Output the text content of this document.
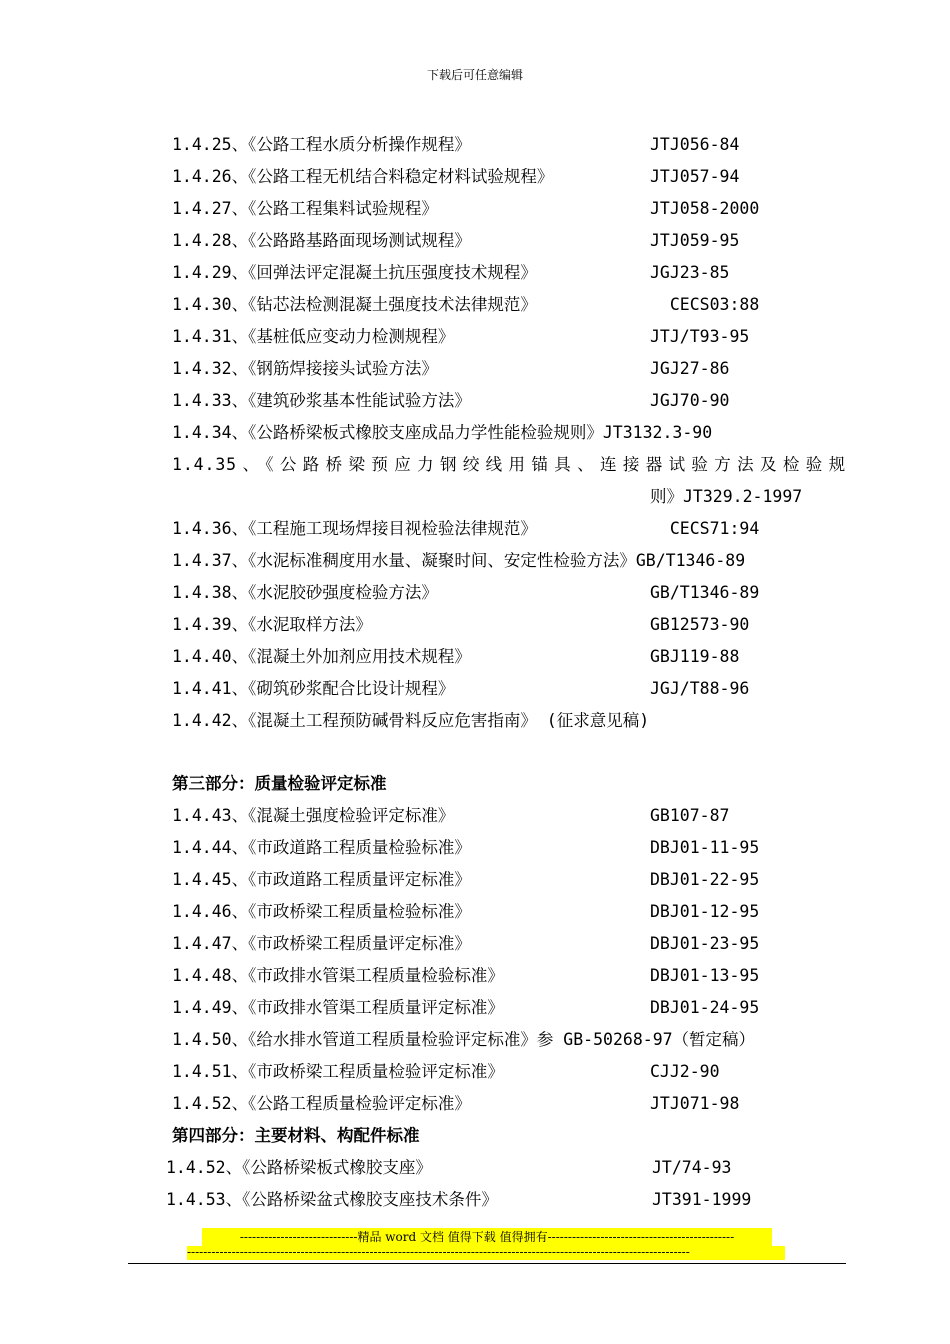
下载后可任意编辑
1.4.25、《公路工程水质分析操作规程》	JTJ056-84
1.4.26、《公路工程无机结合料稳定材料试验规程》	JTJ057-94
1.4.27、《公路工程集料试验规程》	JTJ058-2000
1.4.28、《公路路基路面现场测试规程》	JTJ059-95
1.4.29、《回弹法评定混凝土抗压强度技术规程》	JGJ23-85
1.4.30、《钻芯法检测混凝土强度技术法律规范》	CECS03:88
1.4.31、《基桩低应变动力检测规程》	JTJ/T93-95
1.4.32、《钢筋焊接接头试验方法》	JGJ27-86
1.4.33、《建筑砂浆基本性能试验方法》	JGJ70-90
1.4.34、《公路桥梁板式橡胶支座成品力学性能检验规则》JT3132.3-90
1.4.35、《公路桥梁预应力钢绞线用锚具、连接器试验方法及检验规
则》JT329.2-1997
1.4.36、《工程施工现场焊接目视检验法律规范》	CECS71:94
1.4.37、《水泥标准稠度用水量、凝聚时间、安定性检验方法》GB/T1346-89
1.4.38、《水泥胶砂强度检验方法》	GB/T1346-89
1.4.39、《水泥取样方法》	GB12573-90
1.4.40、《混凝土外加剂应用技术规程》	GBJ119-88
1.4.41、《砌筑砂浆配合比设计规程》	JGJ/T88-96
1.4.42、《混凝土工程预防碱骨料反应危害指南》 (征求意见稿)
第三部分：质量检验评定标准
1.4.43、《混凝土强度检验评定标准》	GB107-87
1.4.44、《市政道路工程质量检验标准》	DBJ01-11-95
1.4.45、《市政道路工程质量评定标准》	DBJ01-22-95
1.4.46、《市政桥梁工程质量检验标准》	DBJ01-12-95
1.4.47、《市政桥梁工程质量评定标准》	DBJ01-23-95
1.4.48、《市政排水管渠工程质量检验标准》	DBJ01-13-95
1.4.49、《市政排水管渠工程质量评定标准》	DBJ01-24-95
1.4.50、《给水排水管道工程质量检验评定标准》参 GB-50268-97（暂定稿）
1.4.51、《市政桥梁工程质量检验评定标准》	CJJ2-90
1.4.52、《公路工程质量检验评定标准》	JTJ071-98
第四部分：主要材料、构配件标准
1.4.52、《公路桥梁板式橡胶支座》	JT/74-93
1.4.53、《公路桥梁盆式橡胶支座技术条件》	JT391-1999
-----------------------------精品 word 文档 值得下载 值得拥有----------------------------------------------
----------------------------------------------------------------------------------------------------------------------------
